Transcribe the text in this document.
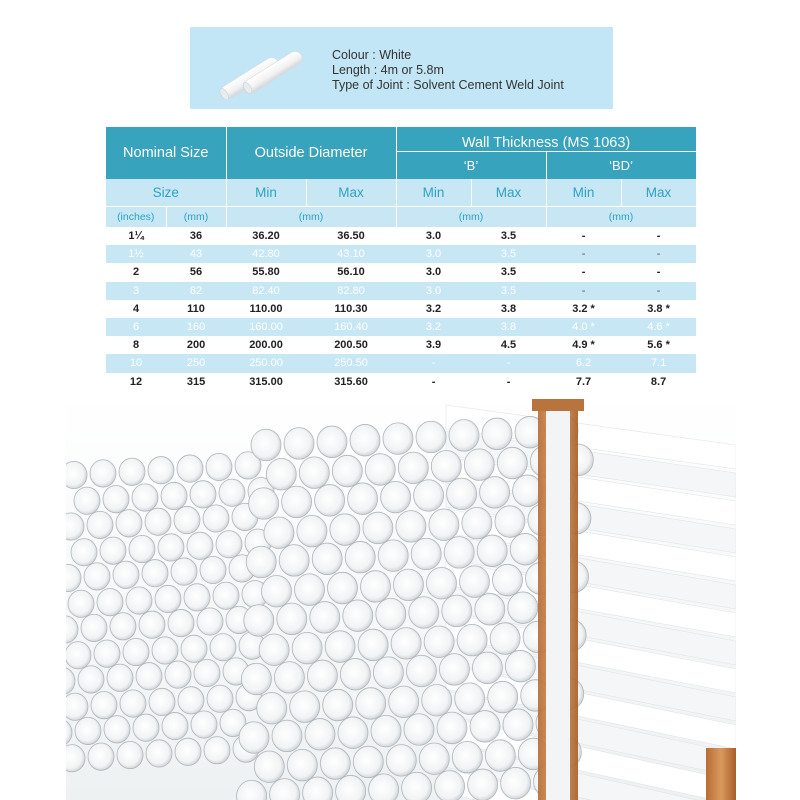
Colour : White
Length : 4m or 5.8m
Type of Joint : Solvent Cement Weld Joint
Nominal Size		Outside Diameter		Wall Thickness (MS 1063)			
				‘B’		‘BD’	
Size		Min	Max	Min	Max	Min	Max
(inches)	(mm)	(mm)		(mm)		(mm)	
1¼	36	36.20	36.50	3.0	3.5	-	-
1½	43	42.80	43.10	3.0	3.5	-	-
2	56	55.80	56.10	3.0	3.5	-	-
3	82	82.40	82.80	3.0	3.5	-	-
4	110	110.00	110.30	3.2	3.8	3.2 *	3.8 *
6	160	160.00	160.40	3.2	3.8	4.0 *	4.6 *
8	200	200.00	200.50	3.9	4.5	4.9 *	5.6 *
10	250	250.00	250.50	-	-	6.2	7.1
12	315	315.00	315.60	-	-	7.7	8.7
